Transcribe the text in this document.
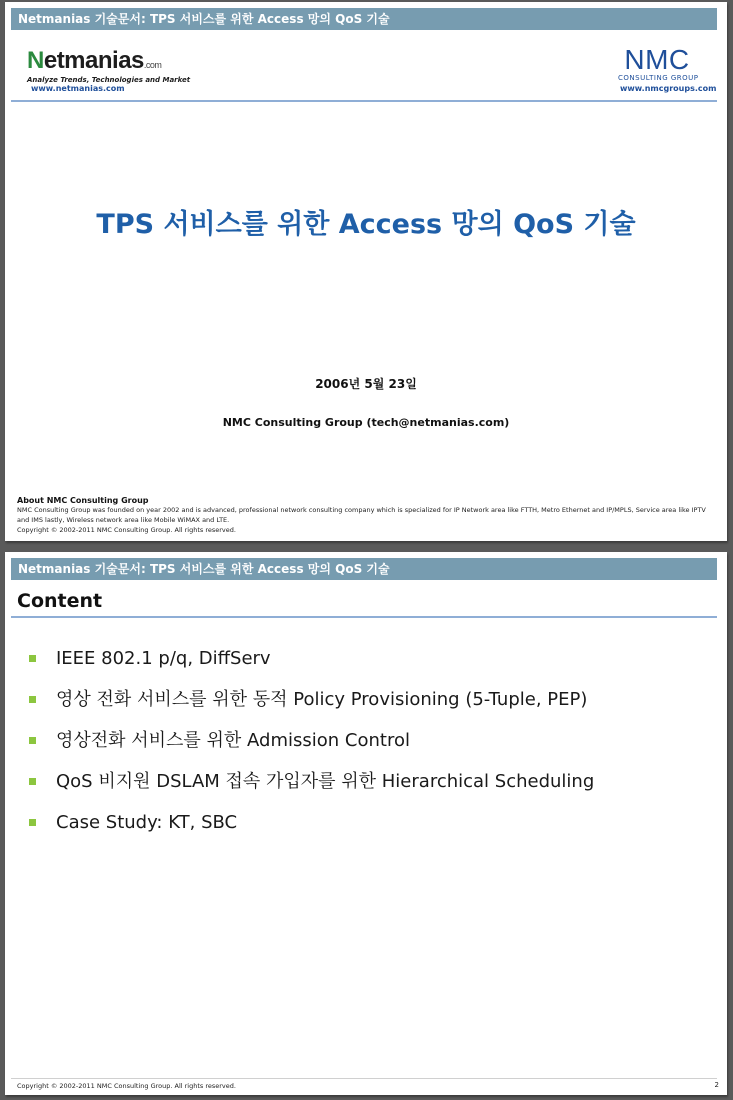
Netmanias 기술문서: TPS 서비스를 위한 Access 망의 QoS 기술
Netmanias.com
Analyze Trends, Technologies and Market
www.netmanias.com
NMC
CONSULTING GROUP
www.nmcgroups.com
TPS 서비스를 위한 Access 망의 QoS 기술
2006년 5월 23일
NMC Consulting Group (tech@netmanias.com)
About NMC Consulting Group
NMC Consulting Group was founded on year 2002 and is advanced, professional network consulting company which is specialized for IP Network area like FTTH, Metro Ethernet and IP/MPLS, Service area like IPTV and IMS lastly, Wireless network area like Mobile WiMAX and LTE.
Copyright © 2002-2011 NMC Consulting Group. All rights reserved.
Netmanias 기술문서: TPS 서비스를 위한 Access 망의 QoS 기술
Content
IEEE 802.1 p/q, DiffServ
영상 전화 서비스를 위한 동적 Policy Provisioning (5-Tuple, PEP)
영상전화 서비스를 위한 Admission Control
QoS 비지원 DSLAM 접속 가입자를 위한 Hierarchical Scheduling
Case Study: KT, SBC
Copyright © 2002-2011 NMC Consulting Group. All rights reserved.	2
